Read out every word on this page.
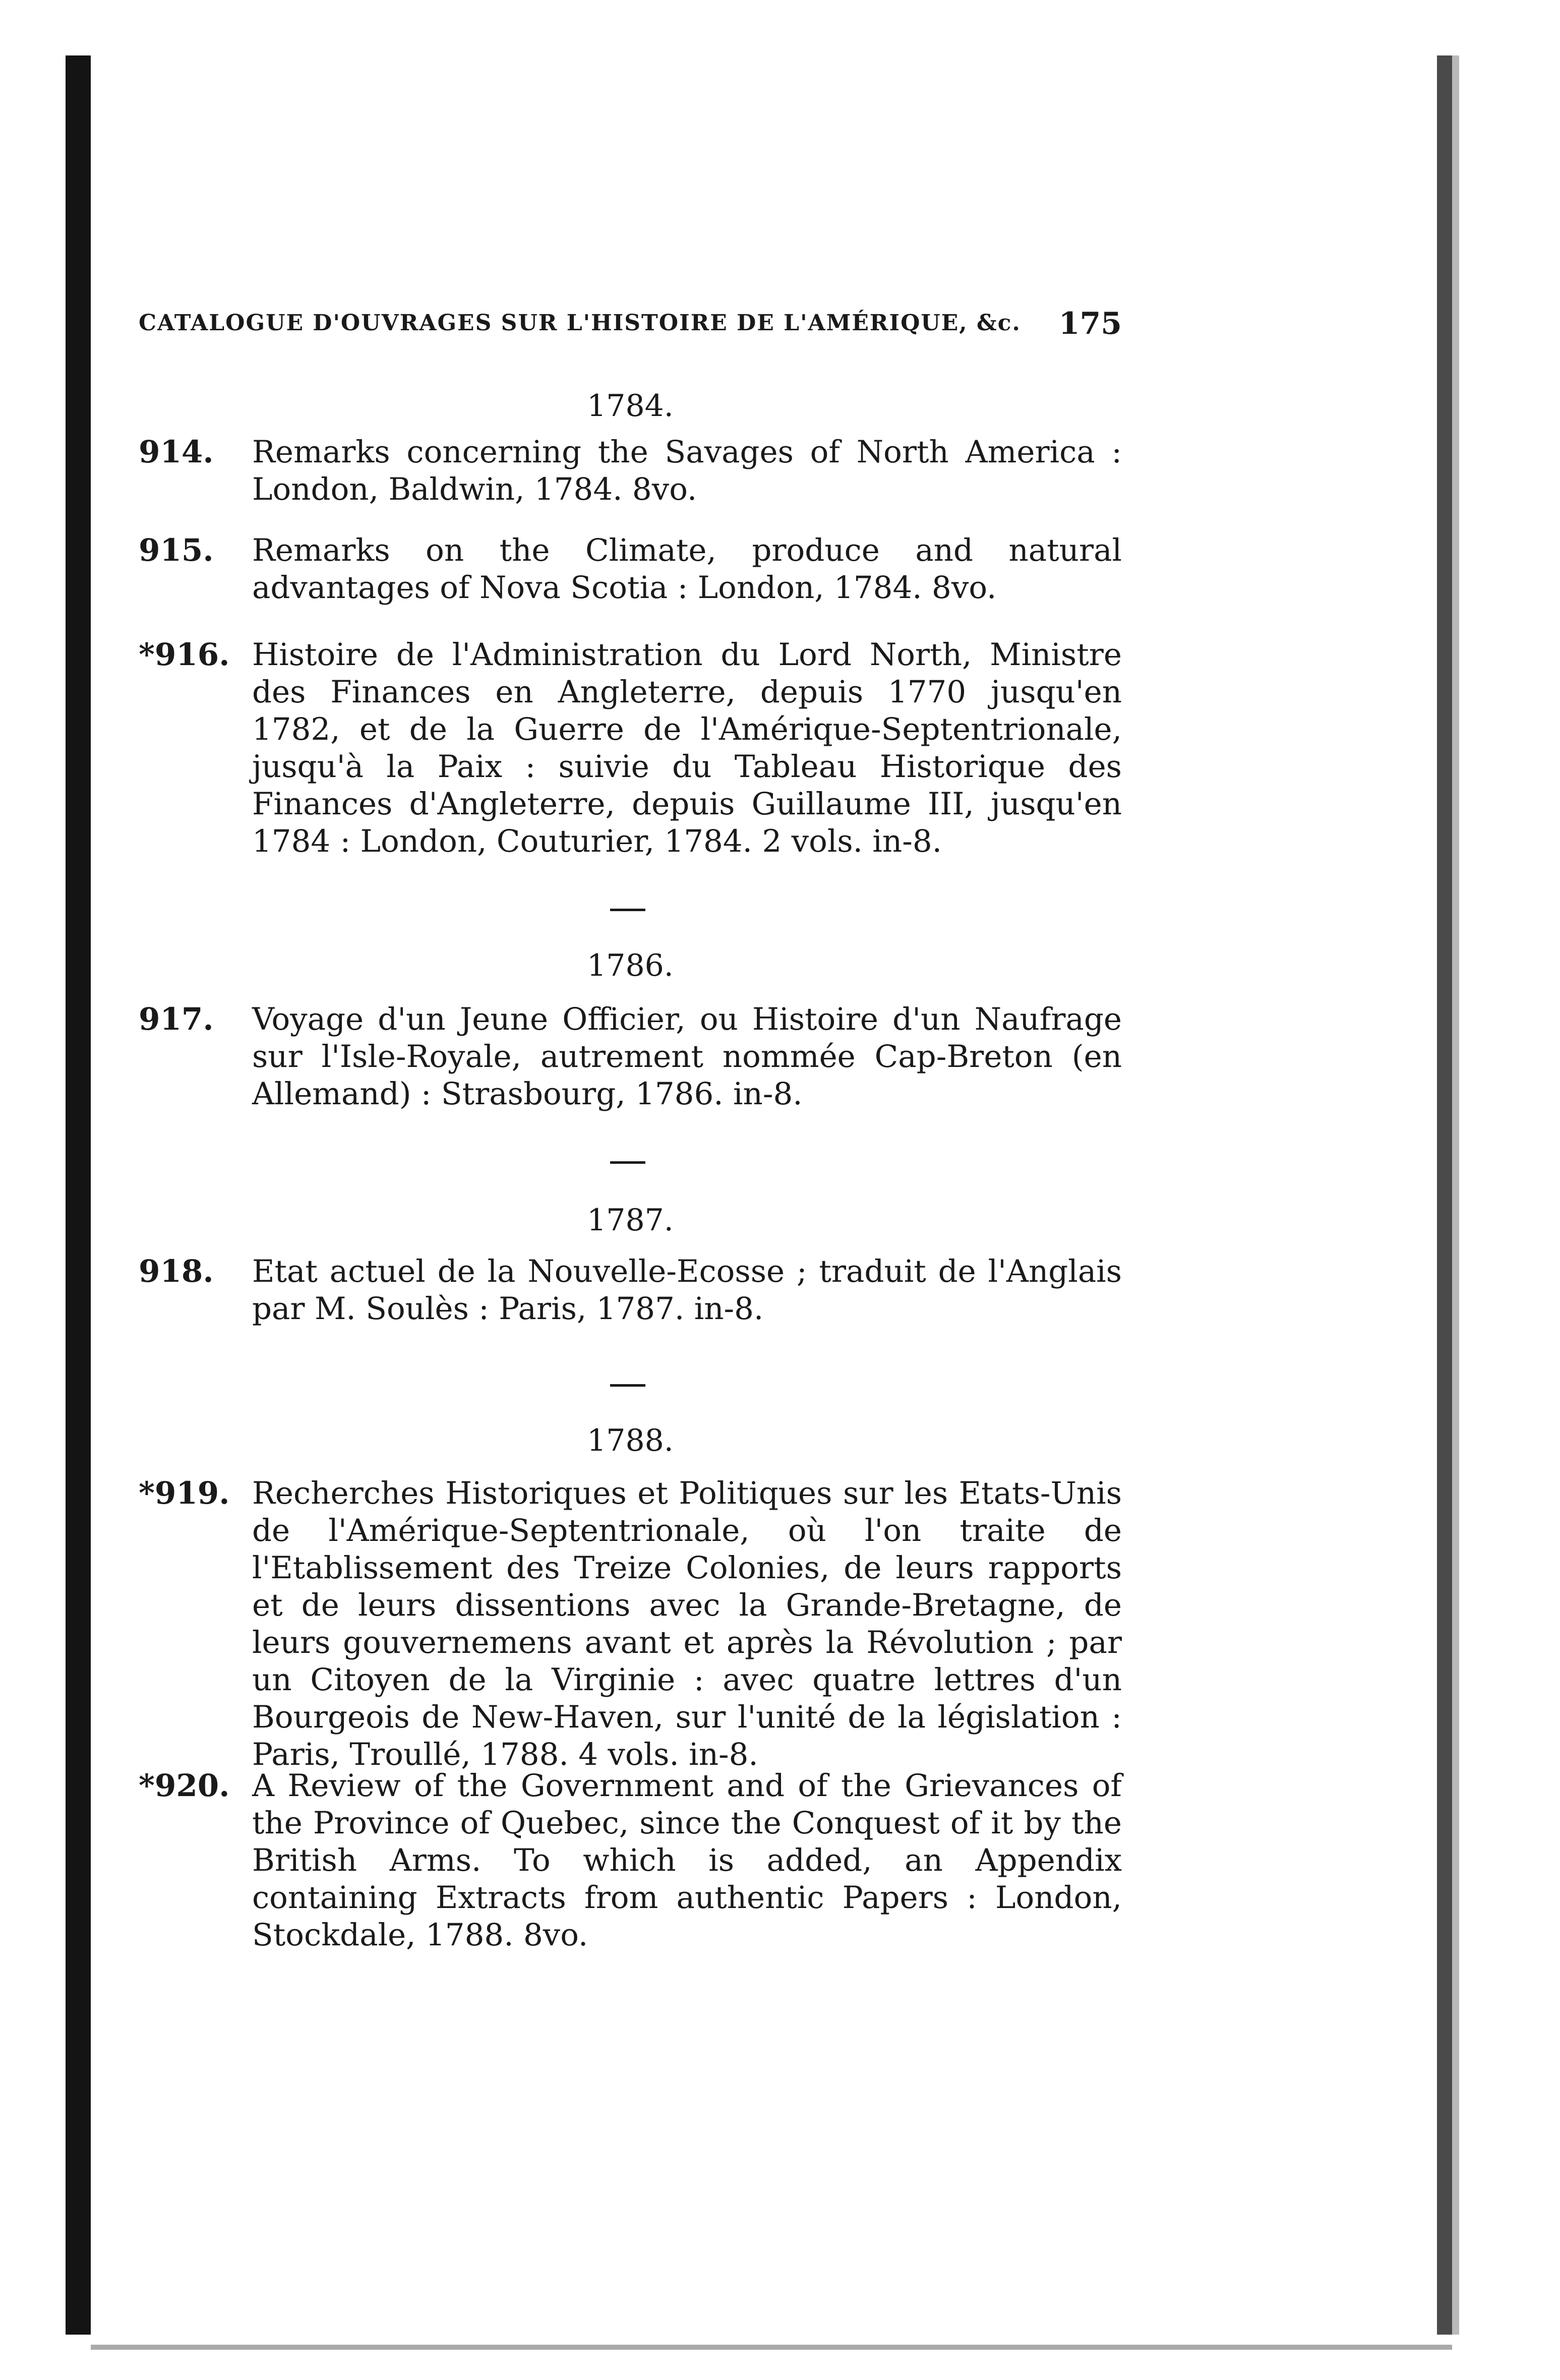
CATALOGUE D'OUVRAGES SUR L'HISTOIRE DE L'AMÉRIQUE, &c. 175
1784.
914.	Remarks concerning the Savages of North America : London, Baldwin, 1784. 8vo.
915.	Remarks on the Climate, produce and natural advantages of Nova Scotia : London, 1784. 8vo.
*916. Histoire de l'Administration du Lord North, Ministre des Finances en Angleterre, depuis 1770 jusqu'en 1782, et de la Guerre de l'Amérique-Septentrionale, jusqu'à la Paix : suivie du Tableau Historique des Finances d'Angleterre, depuis Guillaume III, jusqu'en 1784 : London, Couturier, 1784. 2 vols. in-8.
1786.
917.	Voyage d'un Jeune Officier, ou Histoire d'un Naufrage sur l'Isle-Royale, autrement nommée Cap-Breton (en Allemand) : Strasbourg, 1786. in-8.
1787.
918.	Etat actuel de la Nouvelle-Ecosse ; traduit de l'Anglais par M. Soulès : Paris, 1787. in-8.
1788.
*919. Recherches Historiques et Politiques sur les Etats-Unis de l'Amérique-Septentrionale, où l'on traite de l'Etablissement des Treize Colonies, de leurs rapports et de leurs dissentions avec la Grande-Bretagne, de leurs gouvernemens avant et après la Révolution ; par un Citoyen de la Virginie : avec quatre lettres d'un Bourgeois de New-Haven, sur l'unité de la législation : Paris, Troullé, 1788. 4 vols. in-8.
*920. A Review of the Government and of the Grievances of the Province of Quebec, since the Conquest of it by the British Arms. To which is added, an Appendix containing Extracts from authentic Papers : London, Stockdale, 1788. 8vo.
